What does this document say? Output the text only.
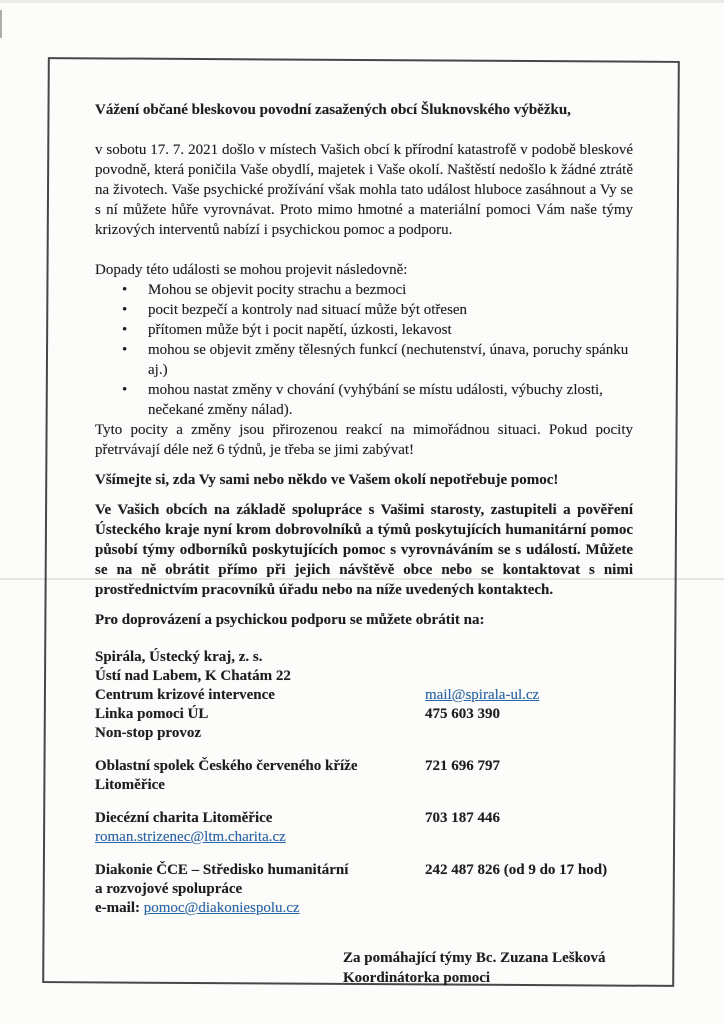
Vážení občané bleskovou povodní zasažených obcí Šluknovského výběžku,

v sobotu 17. 7. 2021 došlo v místech Vašich obcí k přírodní katastrofě v podobě bleskové povodně, která poničila Vaše obydlí, majetek i Vaše okolí. Naštěstí nedošlo k žádné ztrátě na životech. Vaše psychické prožívání však mohla tato událost hluboce zasáhnout a Vy se s ní můžete hůře vyrovnávat. Proto mimo hmotné a materiální pomoci Vám naše týmy krizových interventů nabízí i psychickou pomoc a podporu.

Dopady této události se mohou projevit následovně:

• Mohou se objevit pocity strachu a bezmoci
• pocit bezpečí a kontroly nad situací může být otřesen
• přítomen může být i pocit napětí, úzkosti, lekavost
• mohou se objevit změny tělesných funkcí (nechutenství, únava, poruchy spánku aj.)
• mohou nastat změny v chování (vyhýbání se místu události, výbuchy zlosti, nečekané změny nálad).

Tyto pocity a změny jsou přirozenou reakcí na mimořádnou situaci. Pokud pocity přetrvávají déle než 6 týdnů, je třeba se jimi zabývat!

Všímejte si, zda Vy sami nebo někdo ve Vašem okolí nepotřebuje pomoc!

Ve Vašich obcích na základě spolupráce s Vašimi starosty, zastupiteli a pověření Ústeckého kraje nyní krom dobrovolníků a týmů poskytujících humanitární pomoc působí týmy odborníků poskytujících pomoc s vyrovnáváním se s událostí. Můžete se na ně obrátit přímo při jejich návštěvě obce nebo se kontaktovat s nimi prostřednictvím pracovníků úřadu nebo na níže uvedených kontaktech.

Pro doprovázení a psychickou podporu se můžete obrátit na:

Spirála, Ústecký kraj, z. s.
Ústí nad Labem, K Chatám 22
Centrum krizové intervence	mail@spirala-ul.cz
Linka pomoci ÚL	475 603 390
Non-stop provoz
Oblastní spolek Českého červeného kříže	721 696 797
Litoměřice
Diecézní charita Litoměřice	703 187 446
roman.strizenec@ltm.charita.cz
Diakonie ČCE – Středisko humanitární	242 487 826 (od 9 do 17 hod)
a rozvojové spolupráce
e-mail: pomoc@diakoniespolu.cz
Za pomáhající týmy Bc. Zuzana Lešková
Koordinátorka pomoci
